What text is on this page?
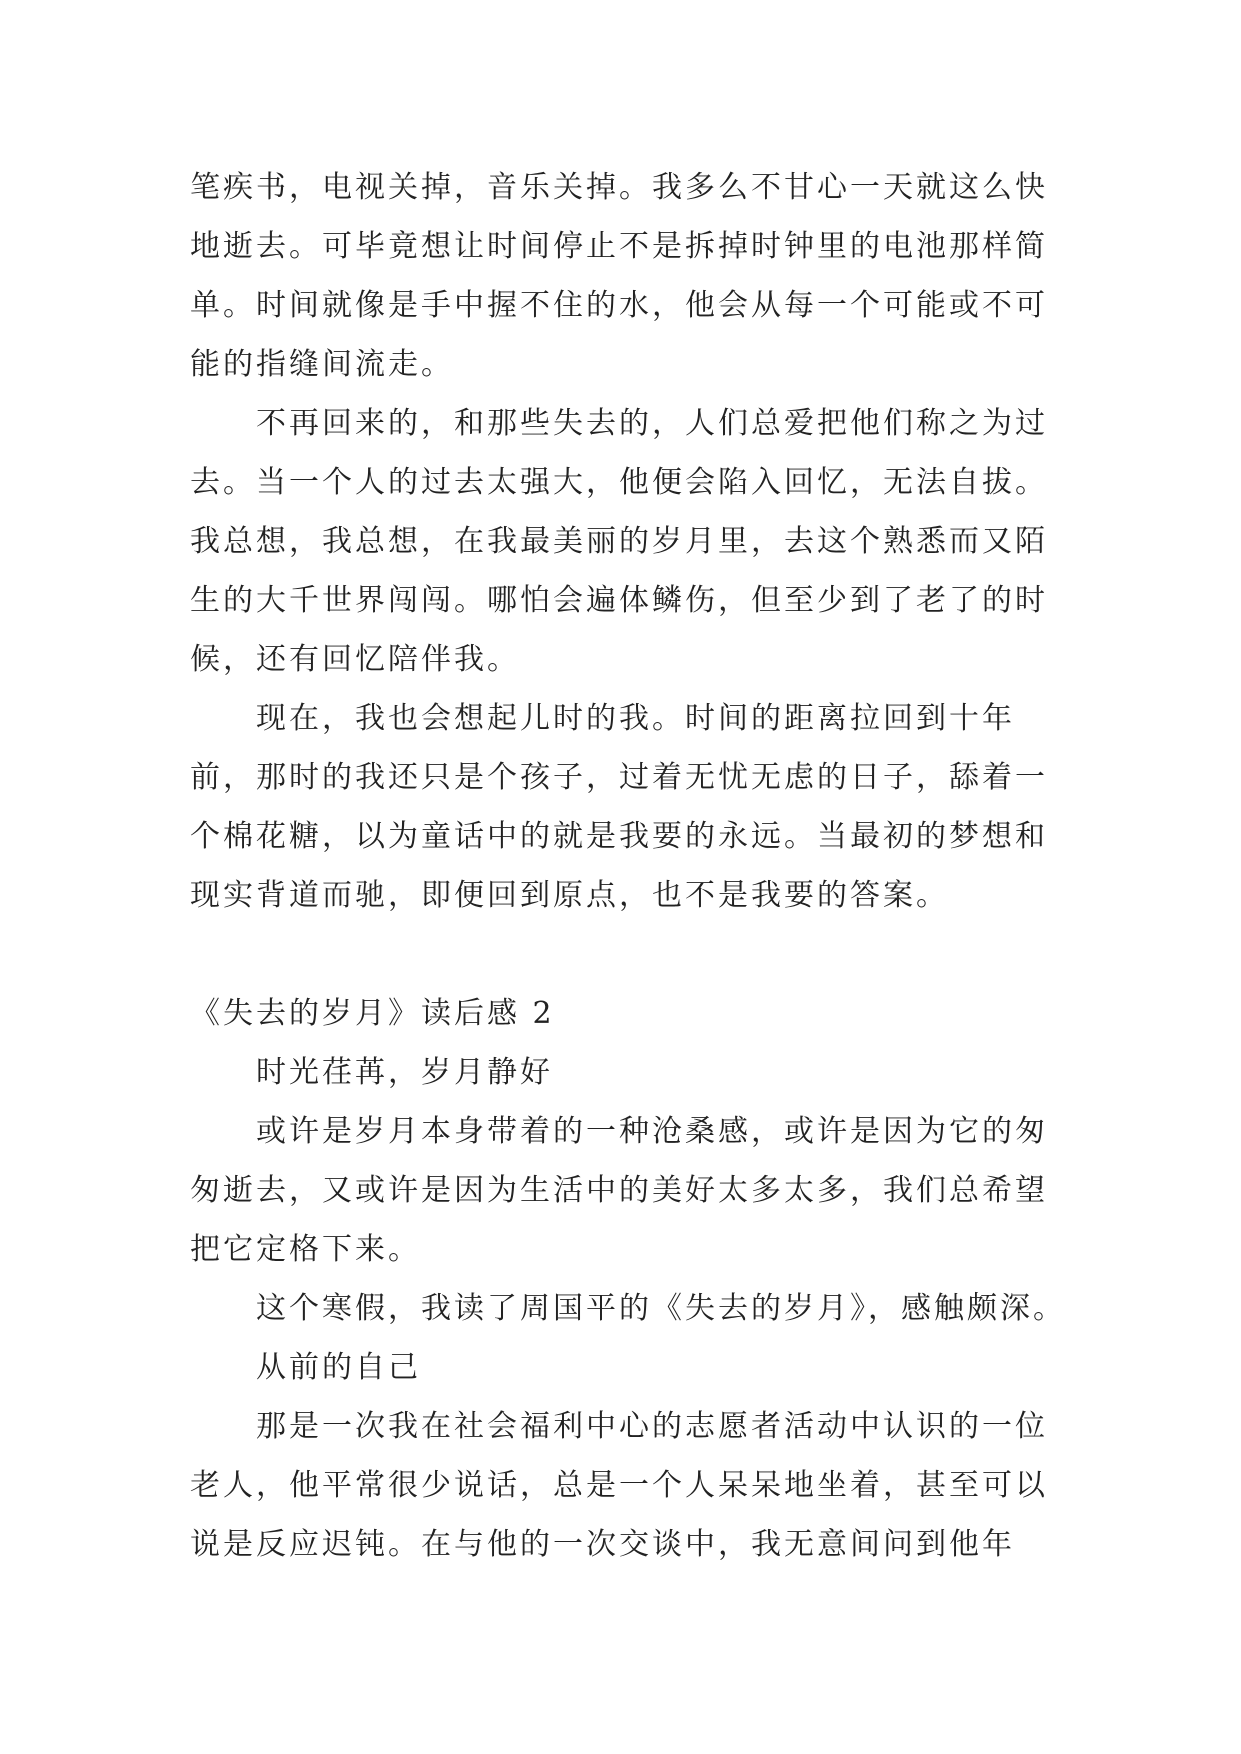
笔疾书，电视关掉，音乐关掉。我多么不甘心一天就这么快地逝去。可毕竟想让时间停止不是拆掉时钟里的电池那样简单。时间就像是手中握不住的水，他会从每一个可能或不可能的指缝间流走。

不再回来的，和那些失去的，人们总爱把他们称之为过去。当一个人的过去太强大，他便会陷入回忆，无法自拔。我总想，我总想，在我最美丽的岁月里，去这个熟悉而又陌生的大千世界闯闯。哪怕会遍体鳞伤，但至少到了老了的时候，还有回忆陪伴我。

现在，我也会想起儿时的我。时间的距离拉回到十年前，那时的我还只是个孩子，过着无忧无虑的日子，舔着一个棉花糖，以为童话中的就是我要的永远。当最初的梦想和现实背道而驰，即便回到原点，也不是我要的答案。

《失去的岁月》读后感 2

时光荏苒，岁月静好

或许是岁月本身带着的一种沧桑感，或许是因为它的匆匆逝去，又或许是因为生活中的美好太多太多，我们总希望把它定格下来。

这个寒假，我读了周国平的《失去的岁月》，感触颇深。

从前的自己

那是一次我在社会福利中心的志愿者活动中认识的一位老人，他平常很少说话，总是一个人呆呆地坐着，甚至可以说是反应迟钝。在与他的一次交谈中，我无意间问到他年
